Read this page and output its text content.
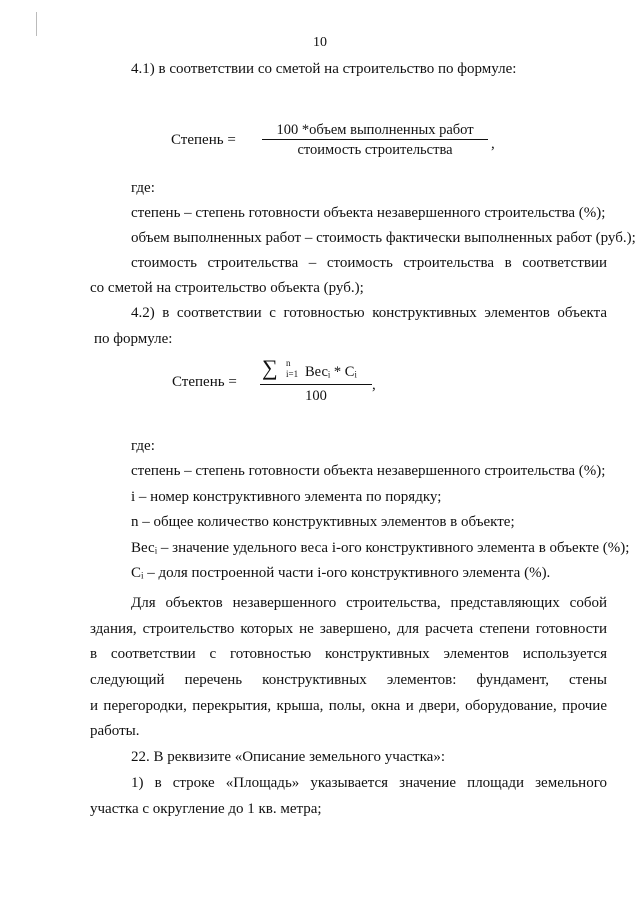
10
4.1) в соответствии со сметой на строительство по формуле:
Степень =
100 *объем выполненных работ
стоимость строительства	,
где:
степень – степень готовности объекта незавершенного строительства (%);
объем выполненных работ – стоимость фактически выполненных работ (руб.);
стоимость строительства – стоимость строительства в соответствии
со сметой на строительство объекта (руб.);
4.2) в соответствии с готовностью конструктивных элементов объекта
по формуле:
Степень =
∑ n
i=1 Весᵢ * Cᵢ
100
,
где:
степень – степень готовности объекта незавершенного строительства (%);
i – номер конструктивного элемента по порядку;
n – общее количество конструктивных элементов в объекте;
Весᵢ – значение удельного веса i-ого конструктивного элемента в объекте (%);
Cᵢ – доля построенной части i-ого конструктивного элемента (%).
Для объектов незавершенного строительства, представляющих собой
здания, строительство которых не завершено, для расчета степени готовности
в соответствии с готовностью конструктивных элементов используется
следующий перечень конструктивных элементов: фундамент, стены
и перегородки, перекрытия, крыша, полы, окна и двери, оборудование, прочие
работы.
22. В реквизите «Описание земельного участка»:
1) в строке «Площадь» указывается значение площади земельного
участка с округление до 1 кв. метра;
